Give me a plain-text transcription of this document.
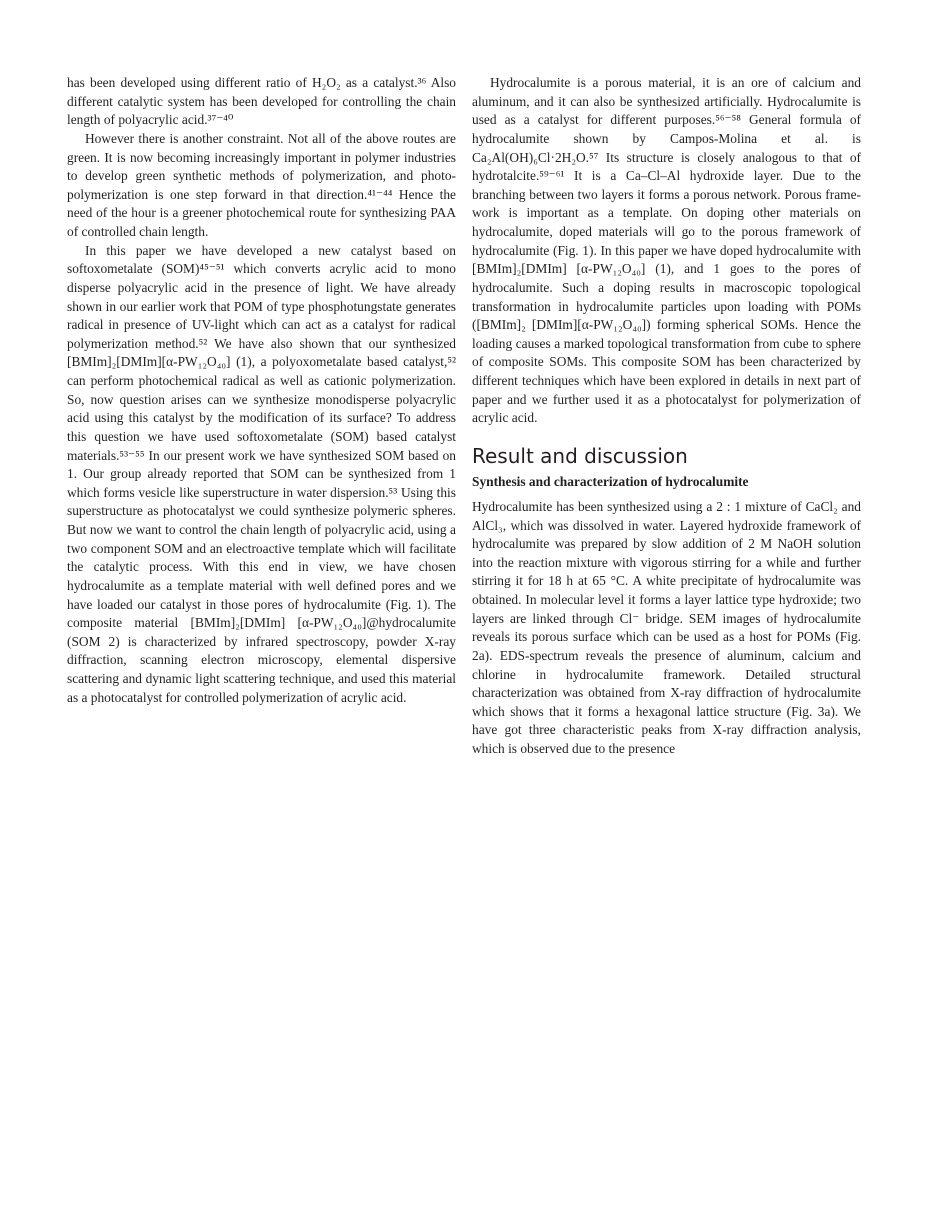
has been developed using different ratio of H₂O₂ as a catalyst.³⁶ Also different catalytic system has been developed for controlling the chain length of polyacrylic acid.³⁷⁻⁴⁰

However there is another constraint. Not all of the above routes are green. It is now becoming increasingly important in polymer industries to develop green synthetic methods of polymerization, and photo-polymerization is one step forward in that direction.⁴¹⁻⁴⁴ Hence the need of the hour is a greener photochemical route for synthesizing PAA of controlled chain length.

In this paper we have developed a new catalyst based on softoxometalate (SOM)⁴⁵⁻⁵¹ which converts acrylic acid to mono disperse polyacrylic acid in the presence of light. We have already shown in our earlier work that POM of type phosphotungstate generates radical in presence of UV-light which can act as a catalyst for radical polymerization method.⁵² We have also shown that our synthesized [BMIm]₂[DMIm][α-PW₁₂O₄₀] (1), a polyoxometalate based catalyst,⁵² can perform photochemical radical as well as cationic polymerization. So, now question arises can we synthesize monodisperse polyacrylic acid using this catalyst by the modification of its surface? To address this question we have used softoxometalate (SOM) based catalyst materials.⁵³⁻⁵⁵ In our present work we have synthesized SOM based on 1. Our group already reported that SOM can be synthesized from 1 which forms vesicle like superstructure in water dispersion.⁵³ Using this superstructure as photocatalyst we could synthesize polymeric spheres. But now we want to control the chain length of polyacrylic acid, using a two component SOM and an electroactive template which will facilitate the catalytic process. With this end in view, we have chosen hydrocalumite as a template material with well defined pores and we have loaded our catalyst in those pores of hydrocalumite (Fig. 1). The composite material [BMIm]₂[DMIm] [α-PW₁₂O₄₀]@hydrocalumite (SOM 2) is characterized by infrared spectroscopy, powder X-ray diffraction, scanning electron microscopy, elemental dispersive scattering and dynamic light scattering technique, and used this material as a photocatalyst for controlled polymerization of acrylic acid.

Hydrocalumite is a porous material, it is an ore of calcium and aluminum, and it can also be synthesized artificially. Hydrocalumite is used as a catalyst for different purposes.⁵⁶⁻⁵⁸ General formula of hydrocalumite shown by Campos-Molina et al. is Ca₂Al(OH)₆Cl·2H₂O.⁵⁷ Its structure is closely analogous to that of hydrotalcite.⁵⁹⁻⁶¹ It is a Ca–Cl–Al hydroxide layer. Due to the branching between two layers it forms a porous network. Porous frame-work is important as a template. On doping other materials on hydrocalumite, doped materials will go to the porous framework of hydrocalumite (Fig. 1). In this paper we have doped hydrocalumite with [BMIm]₂[DMIm] [α-PW₁₂O₄₀] (1), and 1 goes to the pores of hydrocalumite. Such a doping results in macroscopic topological transformation in hydrocalumite particles upon loading with POMs ([BMIm]₂ [DMIm][α-PW₁₂O₄₀]) forming spherical SOMs. Hence the loading causes a marked topological transformation from cube to sphere of composite SOMs. This composite SOM has been characterized by different techniques which have been explored in details in next part of paper and we further used it as a photocatalyst for polymerization of acrylic acid.

Result and discussion
Synthesis and characterization of hydrocalumite

Hydrocalumite has been synthesized using a 2 : 1 mixture of CaCl₂ and AlCl₃, which was dissolved in water. Layered hydroxide framework of hydrocalumite was prepared by slow addition of 2 M NaOH solution into the reaction mixture with vigorous stirring for a while and further stirring it for 18 h at 65 °C. A white precipitate of hydrocalumite was obtained. In molecular level it forms a layer lattice type hydroxide; two layers are linked through Cl⁻ bridge. SEM images of hydrocalumite reveals its porous surface which can be used as a host for POMs (Fig. 2a). EDS-spectrum reveals the presence of aluminum, calcium and chlorine in hydrocalumite framework. Detailed structural characterization was obtained from X-ray diffraction of hydrocalumite which shows that it forms a hexagonal lattice structure (Fig. 3a). We have got three characteristic peaks from X-ray diffraction analysis, which is observed due to the presence
